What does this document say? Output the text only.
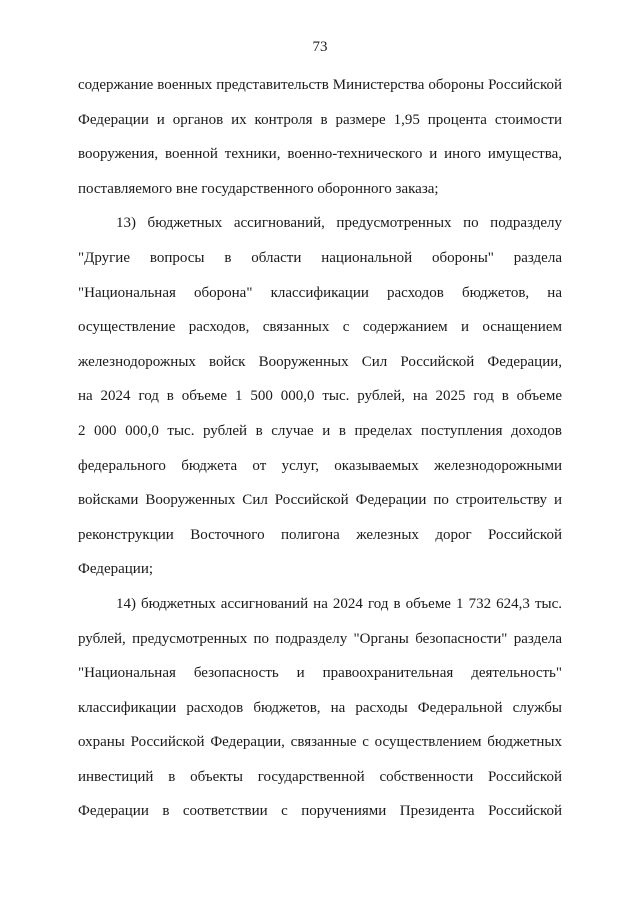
73
содержание военных представительств Министерства обороны Российской
Федерации и органов их контроля в размере 1,95 процента стоимости
вооружения, военной техники, военно-технического и иного имущества,
поставляемого вне государственного оборонного заказа;
13) бюджетных ассигнований, предусмотренных по подразделу
"Другие вопросы в области национальной обороны" раздела
"Национальная оборона" классификации расходов бюджетов, на
осуществление расходов, связанных с содержанием и оснащением
железнодорожных войск Вооруженных Сил Российской Федерации,
на 2024 год в объеме 1 500 000,0 тыс. рублей, на 2025 год в объеме
2 000 000,0 тыс. рублей в случае и в пределах поступления доходов
федерального бюджета от услуг, оказываемых железнодорожными
войсками Вооруженных Сил Российской Федерации по строительству и
реконструкции Восточного полигона железных дорог Российской
Федерации;
14) бюджетных ассигнований на 2024 год в объеме 1 732 624,3 тыс.
рублей, предусмотренных по подразделу "Органы безопасности" раздела
"Национальная безопасность и правоохранительная деятельность"
классификации расходов бюджетов, на расходы Федеральной службы
охраны Российской Федерации, связанные с осуществлением бюджетных
инвестиций в объекты государственной собственности Российской
Федерации в соответствии с поручениями Президента Российской
